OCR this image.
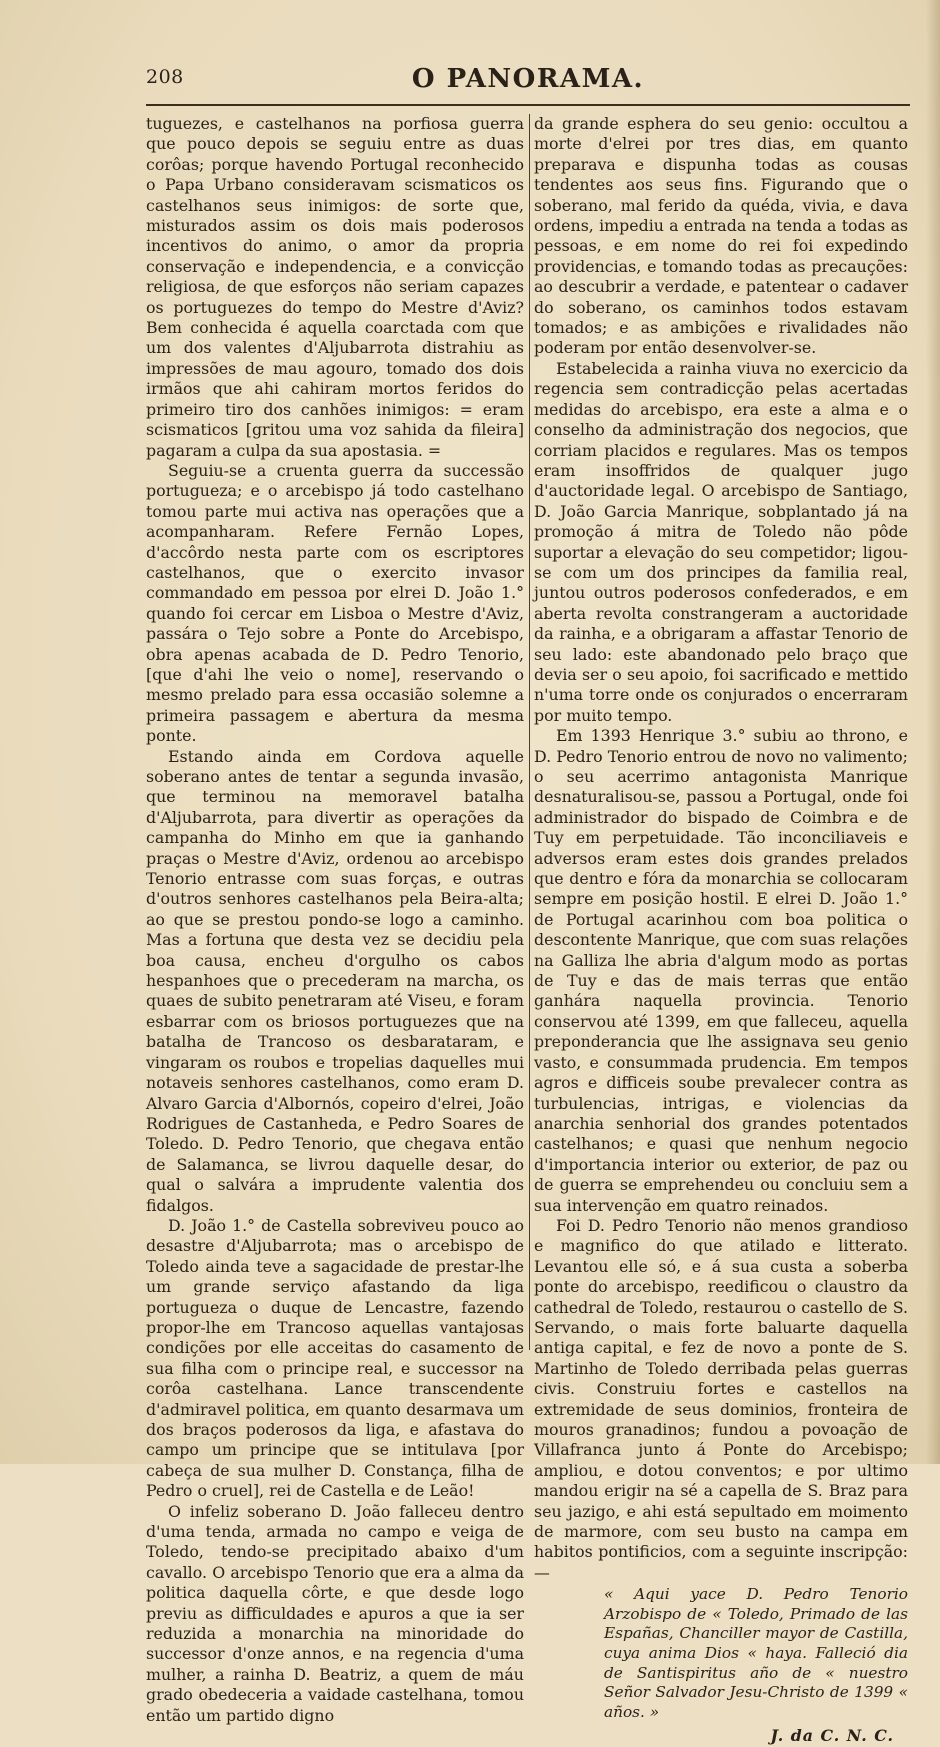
O PANORAMA.
208

tuguezes, e castelhanos na porfiosa guerra que pouco depois se seguiu entre as duas corôas; porque havendo Portugal reconhecido o Papa Urbano consideravam scismaticos os castelhanos seus inimigos: de sorte que, misturados assim os dois mais poderosos incentivos do animo, o amor da propria conservação e independencia, e a convicção religiosa, de que esforços não seriam capazes os portuguezes do tempo do Mestre d'Aviz? Bem conhecida é aquella coarctada com que um dos valentes d'Aljubarrota distrahiu as impressões de mau agouro, tomado dos dois irmãos que ahi cahiram mortos feridos do primeiro tiro dos canhões inimigos: = eram scismaticos [gritou uma voz sahida da fileira] pagaram a culpa da sua apostasia. =

Seguiu-se a cruenta guerra da successão portugueza; e o arcebispo já todo castelhano tomou parte mui activa nas operações que a acompanharam. Refere Fernão Lopes, d'accôrdo nesta parte com os escriptores castelhanos, que o exercito invasor commandado em pessoa por elrei D. João 1.° quando foi cercar em Lisboa o Mestre d'Aviz, passára o Tejo sobre a Ponte do Arcebispo, obra apenas acabada de D. Pedro Tenorio, [que d'ahi lhe veio o nome], reservando o mesmo prelado para essa occasião solemne a primeira passagem e abertura da mesma ponte.

Estando ainda em Cordova aquelle soberano antes de tentar a segunda invasão, que terminou na memoravel batalha d'Aljubarrota, para divertir as operações da campanha do Minho em que ia ganhando praças o Mestre d'Aviz, ordenou ao arcebispo Tenorio entrasse com suas forças, e outras d'outros senhores castelhanos pela Beira-alta; ao que se prestou pondo-se logo a caminho. Mas a fortuna que desta vez se decidiu pela boa causa, encheu d'orgulho os cabos hespanhoes que o precederam na marcha, os quaes de subito penetraram até Viseu, e foram esbarrar com os briosos portuguezes que na batalha de Trancoso os desbarataram, e vingaram os roubos e tropelias daquelles mui notaveis senhores castelhanos, como eram D. Alvaro Garcia d'Albornós, copeiro d'elrei, João Rodrigues de Castanheda, e Pedro Soares de Toledo. D. Pedro Tenorio, que chegava então de Salamanca, se livrou daquelle desar, do qual o salvára a imprudente valentia dos fidalgos.

D. João 1.° de Castella sobreviveu pouco ao desastre d'Aljubarrota; mas o arcebispo de Toledo ainda teve a sagacidade de prestar-lhe um grande serviço afastando da liga portugueza o duque de Lencastre, fazendo propor-lhe em Trancoso aquellas vantajosas condições por elle acceitas do casamento de sua filha com o principe real, e successor na corôa castelhana. Lance transcendente d'admiravel politica, em quanto desarmava um dos braços poderosos da liga, e afastava do campo um principe que se intitulava [por cabeça de sua mulher D. Constança, filha de Pedro o cruel], rei de Castella e de Leão!

O infeliz soberano D. João falleceu dentro d'uma tenda, armada no campo e veiga de Toledo, tendo-se precipitado abaixo d'um cavallo. O arcebispo Tenorio que era a alma da politica daquella côrte, e que desde logo previu as difficuldades e apuros a que ia ser reduzida a monarchia na minoridade do successor d'onze annos, e na regencia d'uma mulher, a rainha D. Beatriz, a quem de máu grado obedeceria a vaidade castelhana, tomou então um partido digno

da grande esphera do seu genio: occultou a morte d'elrei por tres dias, em quanto preparava e dispunha todas as cousas tendentes aos seus fins. Figurando que o soberano, mal ferido da quéda, vivia, e dava ordens, impediu a entrada na tenda a todas as pessoas, e em nome do rei foi expedindo providencias, e tomando todas as precauções: ao descubrir a verdade, e patentear o cadaver do soberano, os caminhos todos estavam tomados; e as ambições e rivalidades não poderam por então desenvolver-se.

Estabelecida a rainha viuva no exercicio da regencia sem contradicção pelas acertadas medidas do arcebispo, era este a alma e o conselho da administração dos negocios, que corriam placidos e regulares. Mas os tempos eram insoffridos de qualquer jugo d'auctoridade legal. O arcebispo de Santiago, D. João Garcia Manrique, sobplantado já na promoção á mitra de Toledo não pôde suportar a elevação do seu competidor; ligou-se com um dos principes da familia real, juntou outros poderosos confederados, e em aberta revolta constrangeram a auctoridade da rainha, e a obrigaram a affastar Tenorio de seu lado: este abandonado pelo braço que devia ser o seu apoio, foi sacrificado e mettido n'uma torre onde os conjurados o encerraram por muito tempo.

Em 1393 Henrique 3.° subiu ao throno, e D. Pedro Tenorio entrou de novo no valimento; o seu acerrimo antagonista Manrique desnaturalisou-se, passou a Portugal, onde foi administrador do bispado de Coimbra e de Tuy em perpetuidade. Tão inconciliaveis e adversos eram estes dois grandes prelados que dentro e fóra da monarchia se collocaram sempre em posição hostil. E elrei D. João 1.° de Portugal acarinhou com boa politica o descontente Manrique, que com suas relações na Galliza lhe abria d'algum modo as portas de Tuy e das de mais terras que então ganhára naquella provincia. Tenorio conservou até 1399, em que falleceu, aquella preponderancia que lhe assignava seu genio vasto, e consummada prudencia. Em tempos agros e difficeis soube prevalecer contra as turbulencias, intrigas, e violencias da anarchia senhorial dos grandes potentados castelhanos; e quasi que nenhum negocio d'importancia interior ou exterior, de paz ou de guerra se emprehendeu ou concluiu sem a sua intervenção em quatro reinados.

Foi D. Pedro Tenorio não menos grandioso e magnifico do que atilado e litterato. Levantou elle só, e á sua custa a soberba ponte do arcebispo, reedificou o claustro da cathedral de Toledo, restaurou o castello de S. Servando, o mais forte baluarte daquella antiga capital, e fez de novo a ponte de S. Martinho de Toledo derribada pelas guerras civis. Construiu fortes e castellos na extremidade de seus dominios, fronteira de mouros granadinos; fundou a povoação de Villafranca junto á Ponte do Arcebispo; ampliou, e dotou conventos; e por ultimo mandou erigir na sé a capella de S. Braz para seu jazigo, e ahi está sepultado em moimento de marmore, com seu busto na campa em habitos pontificios, com a seguinte inscripção: —

« Aqui yace D. Pedro Tenorio Arzobispo de « Toledo, Primado de las Españas, Chanciller mayor de Castilla, cuya anima Dios « haya. Falleció dia de Santispiritus año de « nuestro Señor Salvador Jesu-Christo de 1399 « años. »
J. da C. N. C.
